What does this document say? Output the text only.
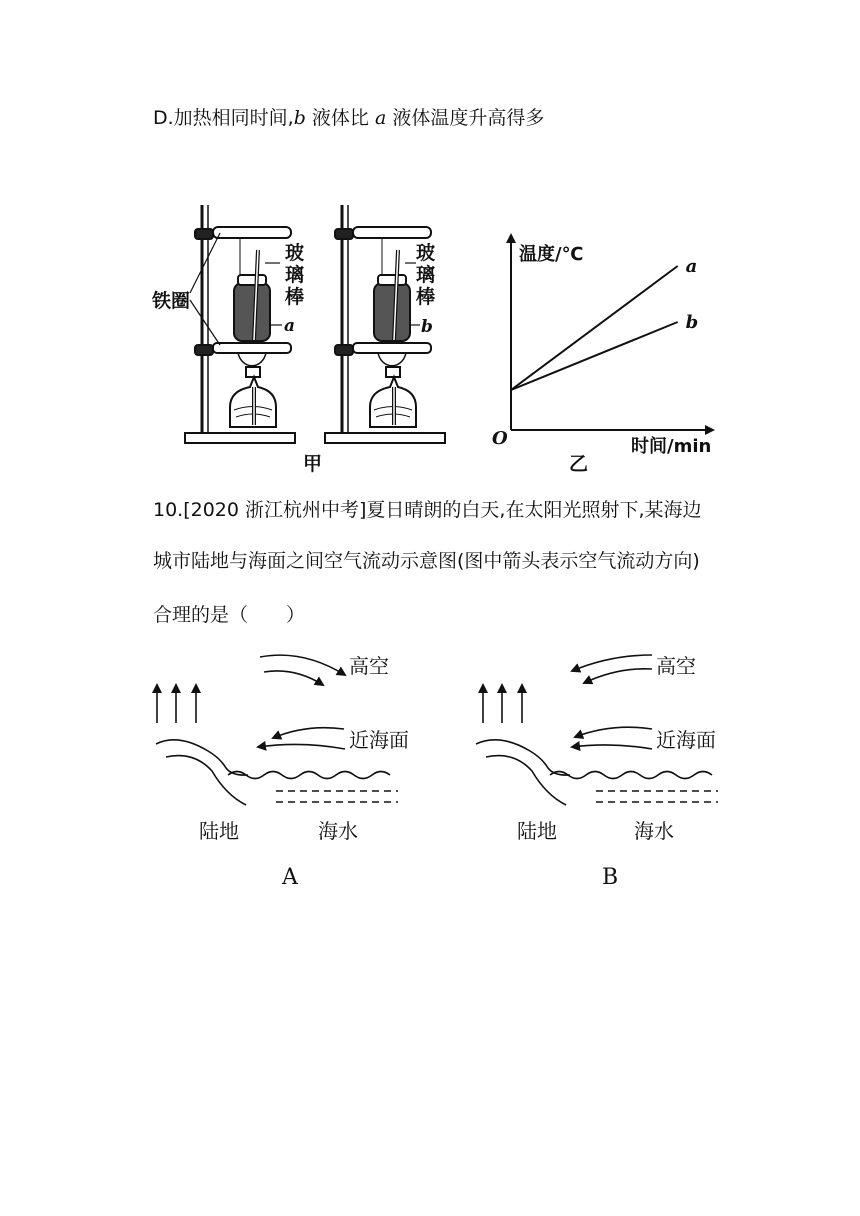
D.加热相同时间,b 液体比 a 液体温度升高得多
铁圈
玻
璃
棒
玻
璃
棒
a	b
甲
a
b
温度/℃
时间/min
O
乙
10.[2020 浙江杭州中考]夏日晴朗的白天,在太阳光照射下,某海边
城市陆地与海面之间空气流动示意图(图中箭头表示空气流动方向)
合理的是（　　）
高空
近海面
陆地	海水
A
高空
近海面
陆地	海水
B
